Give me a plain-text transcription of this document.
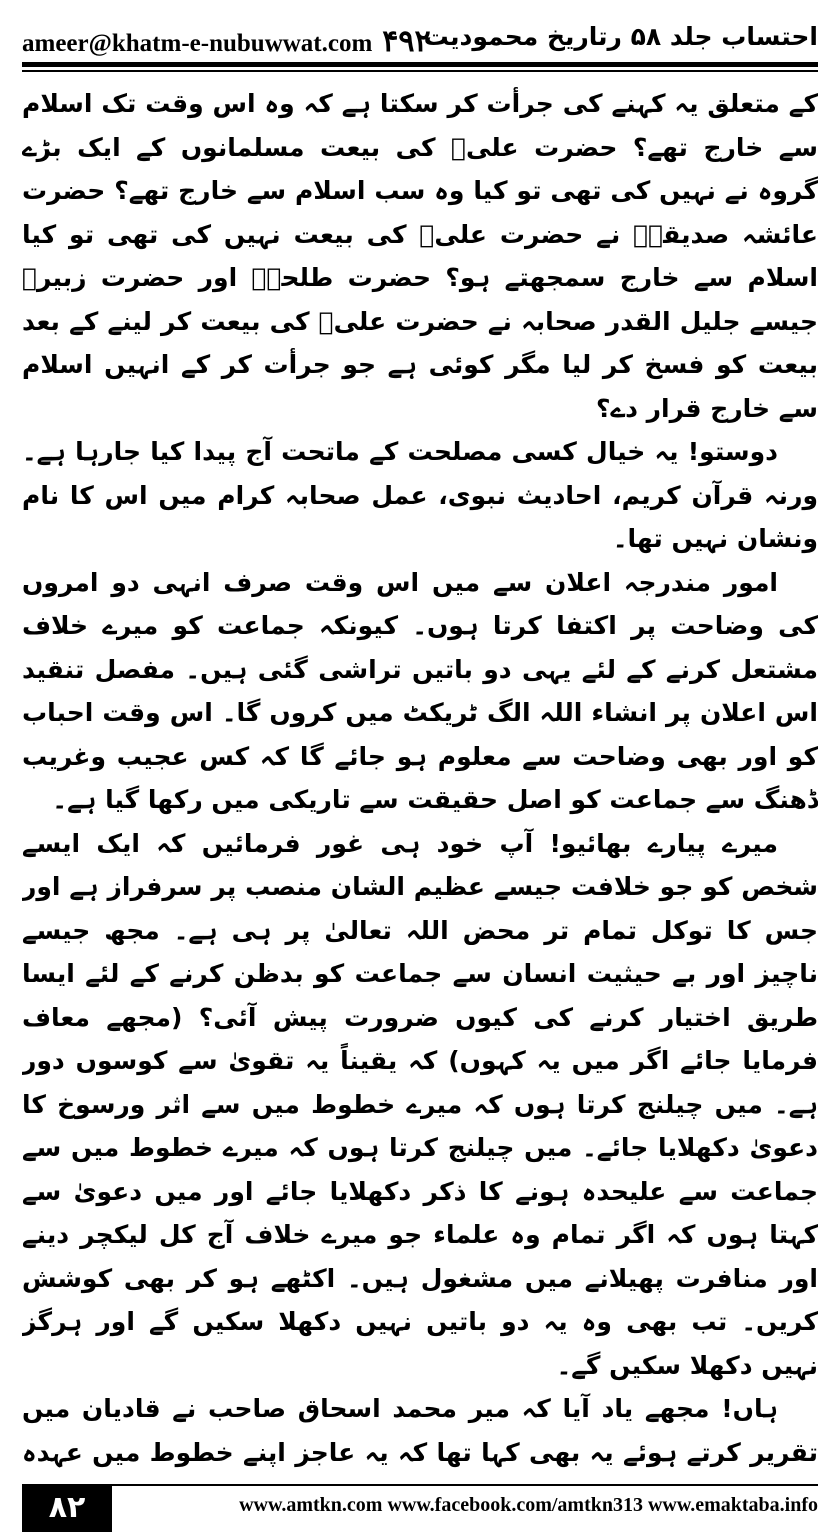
ameer@khatm-e-nubuwwat.com ۴۹۲
احتساب جلد ۵۸ رتاریخ محمودیت

کے متعلق یہ کہنے کی جرأت کر سکتا ہے کہ وہ اس وقت تک اسلام سے خارج تھے؟ حضرت علیؓ کی بیعت مسلمانوں کے ایک بڑے گروہ نے نہیں کی تھی تو کیا وہ سب اسلام سے خارج تھے؟ حضرت عائشہ صدیقہؓ نے حضرت علیؓ کی بیعت نہیں کی تھی تو کیا اسلام سے خارج سمجھتے ہو؟ حضرت طلحہؓ اور حضرت زبیرؓ جیسے جلیل القدر صحابہ نے حضرت علیؓ کی بیعت کر لینے کے بعد بیعت کو فسخ کر لیا مگر کوئی ہے جو جرأت کر کے انہیں اسلام سے خارج قرار دے؟

دوستو! یہ خیال کسی مصلحت کے ماتحت آج پیدا کیا جارہا ہے۔ ورنہ قرآن کریم، احادیث نبوی، عمل صحابہ کرام میں اس کا نام ونشان نہیں تھا۔

امور مندرجہ اعلان سے میں اس وقت صرف انہی دو امروں کی وضاحت پر اکتفا کرتا ہوں۔ کیونکہ جماعت کو میرے خلاف مشتعل کرنے کے لئے یہی دو باتیں تراشی گئی ہیں۔ مفصل تنقید اس اعلان پر انشاء اللہ الگ ٹریکٹ میں کروں گا۔ اس وقت احباب کو اور بھی وضاحت سے معلوم ہو جائے گا کہ کس عجیب وغریب ڈھنگ سے جماعت کو اصل حقیقت سے تاریکی میں رکھا گیا ہے۔

میرے پیارے بھائیو! آپ خود ہی غور فرمائیں کہ ایک ایسے شخص کو جو خلافت جیسے عظیم الشان منصب پر سرفراز ہے اور جس کا توکل تمام تر محض اللہ تعالیٰ پر ہی ہے۔ مجھ جیسے ناچیز اور بے حیثیت انسان سے جماعت کو بدظن کرنے کے لئے ایسا طریق اختیار کرنے کی کیوں ضرورت پیش آئی؟ (مجھے معاف فرمایا جائے اگر میں یہ کہوں) کہ یقیناً یہ تقویٰ سے کوسوں دور ہے۔ میں چیلنج کرتا ہوں کہ میرے خطوط میں سے اثر ورسوخ کا دعویٰ دکھلایا جائے۔ میں چیلنج کرتا ہوں کہ میرے خطوط میں سے جماعت سے علیحدہ ہونے کا ذکر دکھلایا جائے اور میں دعویٰ سے کہتا ہوں کہ اگر تمام وہ علماء جو میرے خلاف آج کل لیکچر دینے اور منافرت پھیلانے میں مشغول ہیں۔ اکٹھے ہو کر بھی کوشش کریں۔ تب بھی وہ یہ دو باتیں نہیں دکھلا سکیں گے اور ہرگز نہیں دکھلا سکیں گے۔

ہاں! مجھے یاد آیا کہ میر محمد اسحاق صاحب نے قادیان میں تقریر کرتے ہوئے یہ بھی کہا تھا کہ یہ عاجز اپنے خطوط میں عہدہ

۸۲	www.amtkn.com www.facebook.com/amtkn313 www.emaktaba.info
